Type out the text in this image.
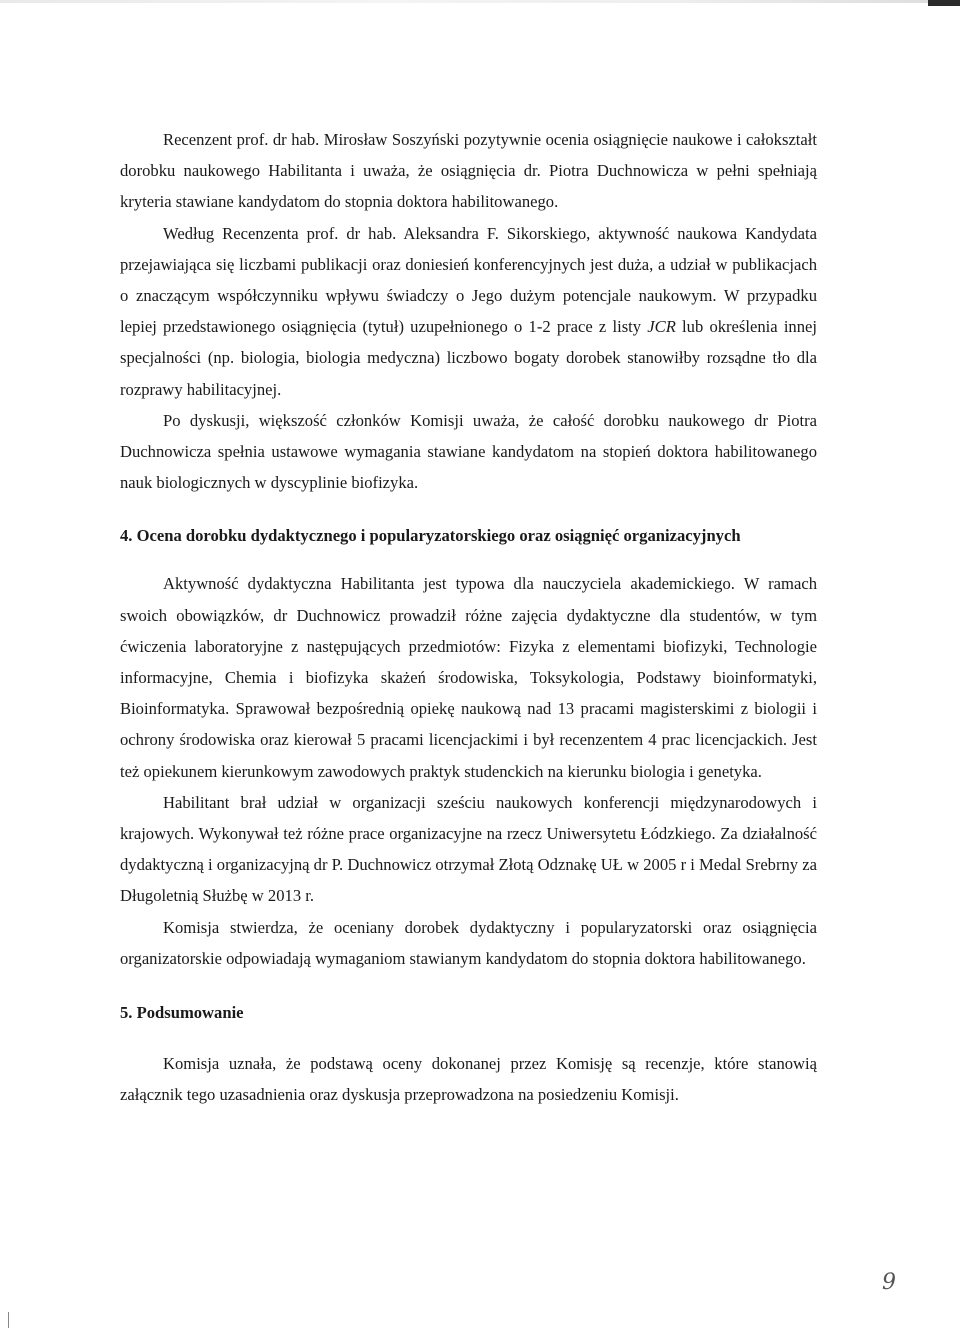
Recenzent prof. dr hab. Mirosław Soszyński pozytywnie ocenia osiągnięcie naukowe i całokształt dorobku naukowego Habilitanta i uważa, że osiągnięcia dr. Piotra Duchnowicza w pełni spełniają kryteria stawiane kandydatom do stopnia doktora habilitowanego.

Według Recenzenta prof. dr hab. Aleksandra F. Sikorskiego, aktywność naukowa Kandydata przejawiająca się liczbami publikacji oraz doniesień konferencyjnych jest duża, a udział w publikacjach o znaczącym współczynniku wpływu świadczy o Jego dużym potencjale naukowym. W przypadku lepiej przedstawionego osiągnięcia (tytuł) uzupełnionego o 1-2 prace z listy JCR lub określenia innej specjalności (np. biologia, biologia medyczna) liczbowo bogaty dorobek stanowiłby rozsądne tło dla rozprawy habilitacyjnej.

Po dyskusji, większość członków Komisji uważa, że całość dorobku naukowego dr Piotra Duchnowicza spełnia ustawowe wymagania stawiane kandydatom na stopień doktora habilitowanego nauk biologicznych w dyscyplinie biofizyka.

4. Ocena dorobku dydaktycznego i popularyzatorskiego oraz osiągnięć organizacyjnych

Aktywność dydaktyczna Habilitanta jest typowa dla nauczyciela akademickiego. W ramach swoich obowiązków, dr Duchnowicz prowadził różne zajęcia dydaktyczne dla studentów, w tym ćwiczenia laboratoryjne z następujących przedmiotów: Fizyka z elementami biofizyki, Technologie informacyjne, Chemia i biofizyka skażeń środowiska, Toksykologia, Podstawy bioinformatyki, Bioinformatyka. Sprawował bezpośrednią opiekę naukową nad 13 pracami magisterskimi z biologii i ochrony środowiska oraz kierował 5 pracami licencjackimi i był recenzentem 4 prac licencjackich. Jest też opiekunem kierunkowym zawodowych praktyk studenckich na kierunku biologia i genetyka.

Habilitant brał udział w organizacji sześciu naukowych konferencji międzynarodowych i krajowych. Wykonywał też różne prace organizacyjne na rzecz Uniwersytetu Łódzkiego. Za działalność dydaktyczną i organizacyjną dr P. Duchnowicz otrzymał Złotą Odznakę UŁ w 2005 r i Medal Srebrny za Długoletnią Służbę w 2013 r.

Komisja stwierdza, że oceniany dorobek dydaktyczny i popularyzatorski oraz osiągnięcia organizatorskie odpowiadają wymaganiom stawianym kandydatom do stopnia doktora habilitowanego.

5. Podsumowanie

Komisja uznała, że podstawą oceny dokonanej przez Komisję są recenzje, które stanowią załącznik tego uzasadnienia oraz dyskusja przeprowadzona na posiedzeniu Komisji.

9
